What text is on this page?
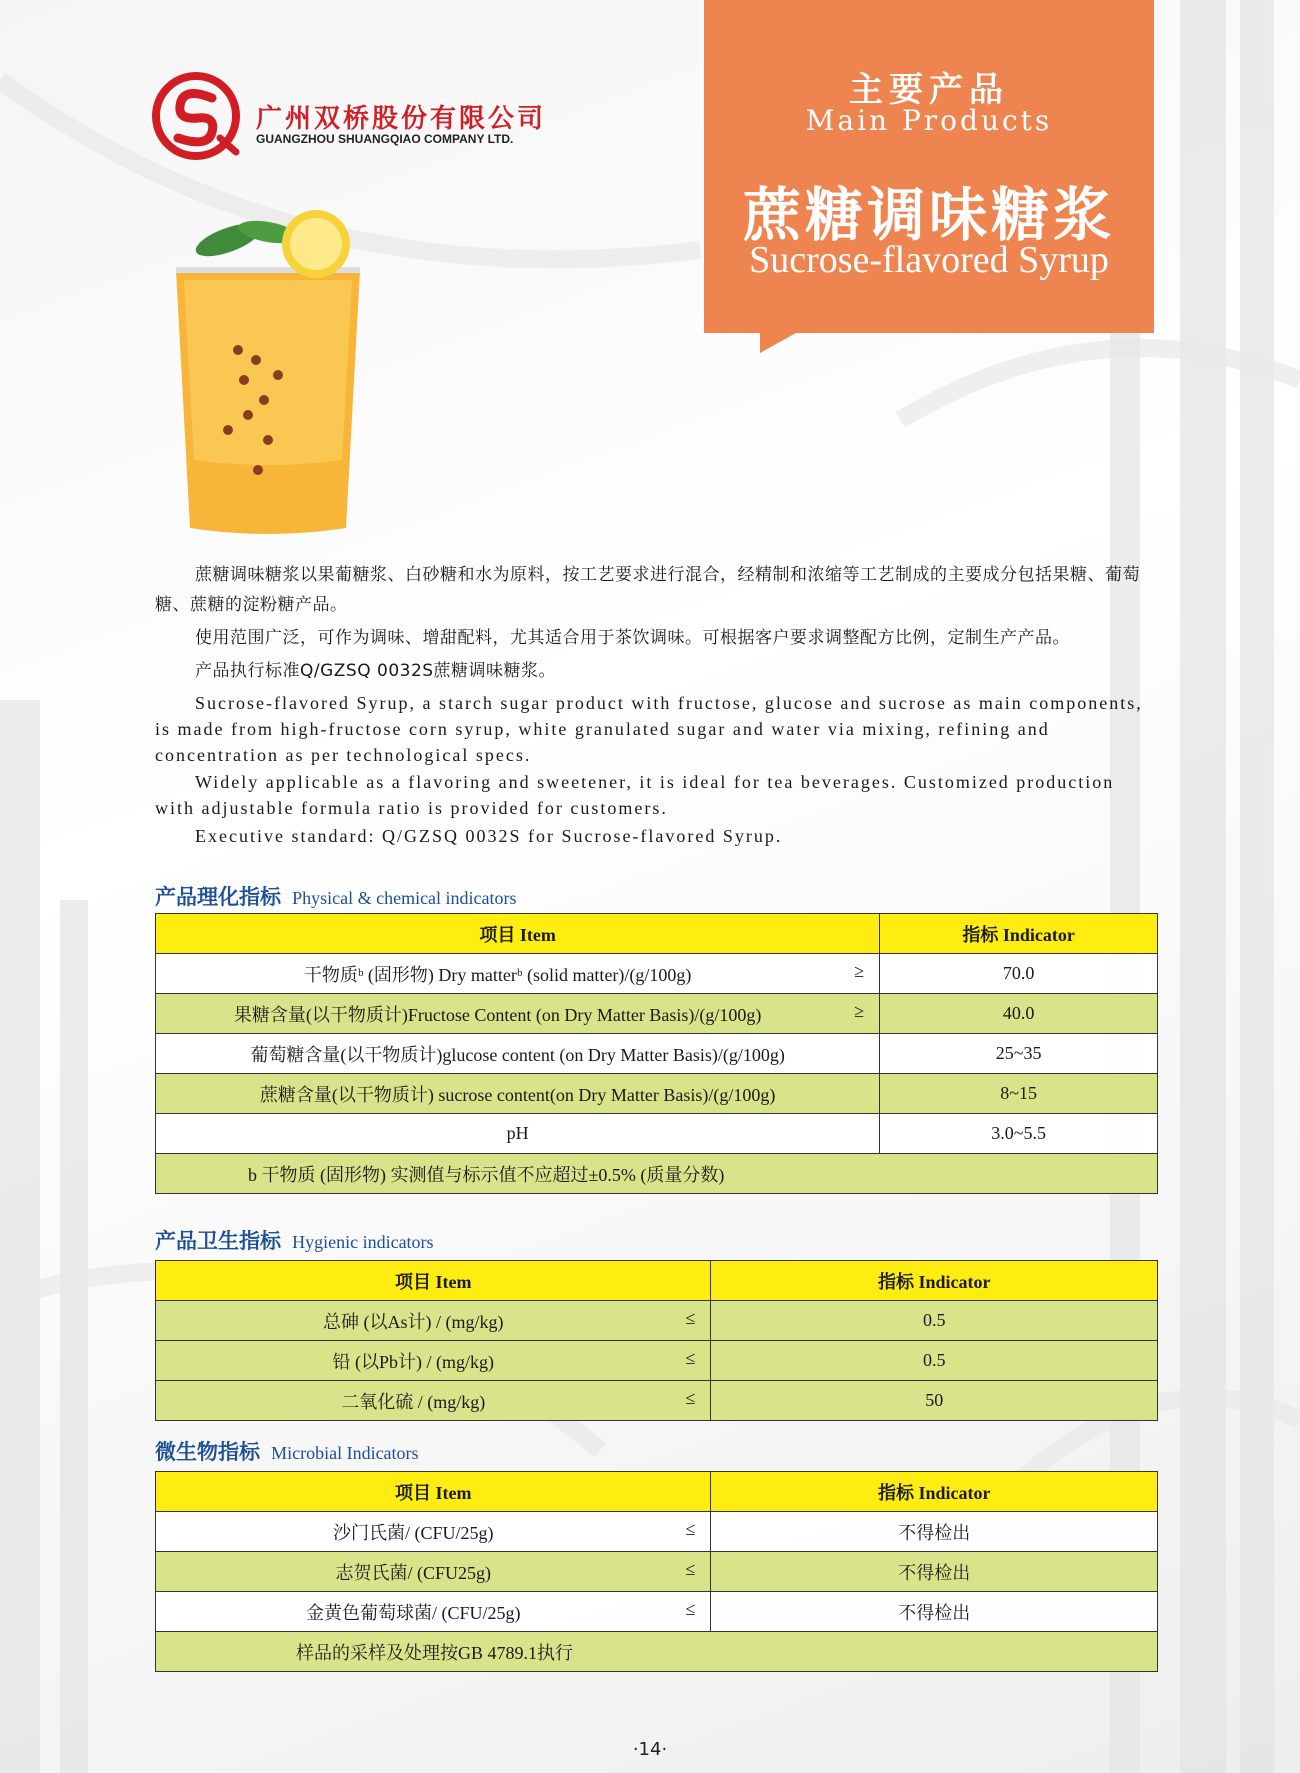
广州双桥股份有限公司
GUANGZHOU SHUANGQIAO COMPANY LTD.
主要产品
Main Products
蔗糖调味糖浆
Sucrose-flavored Syrup
蔗糖调味糖浆以果葡糖浆、白砂糖和水为原料，按工艺要求进行混合，经精制和浓缩等工艺制成的主要成分包括果糖、葡萄糖、蔗糖的淀粉糖产品。
使用范围广泛，可作为调味、增甜配料，尤其适合用于茶饮调味。可根据客户要求调整配方比例，定制生产产品。
产品执行标准Q/GZSQ 0032S蔗糖调味糖浆。
Sucrose-flavored Syrup, a starch sugar product with fructose, glucose and sucrose as main components, is made from high-fructose corn syrup, white granulated sugar and water via mixing, refining and concentration as per technological specs.
Widely applicable as a flavoring and sweetener, it is ideal for tea beverages. Customized production with adjustable formula ratio is provided for customers.
Executive standard: Q/GZSQ 0032S for Sucrose-flavored Syrup.
产品理化指标 Physical & chemical indicators
项目 Item	指标 Indicator
干物质ᵇ (固形物) Dry matterᵇ (solid matter)/(g/100g) ≥	70.0
果糖含量(以干物质计)Fructose Content (on Dry Matter Basis)/(g/100g) ≥	40.0
葡萄糖含量(以干物质计)glucose content (on Dry Matter Basis)/(g/100g)	25~35
蔗糖含量(以干物质计) sucrose content(on Dry Matter Basis)/(g/100g)	8~15
pH	3.0~5.5
b 干物质 (固形物) 实测值与标示值不应超过±0.5% (质量分数)	
产品卫生指标 Hygienic indicators
项目 Item	指标 Indicator
总砷 (以As计) / (mg/kg) ≤	0.5
铅 (以Pb计) / (mg/kg) ≤	0.5
二氧化硫 / (mg/kg) ≤	50
微生物指标 Microbial Indicators
项目 Item	指标 Indicator
沙门氏菌/ (CFU/25g) ≤	不得检出
志贺氏菌/ (CFU25g) ≤	不得检出
金黄色葡萄球菌/ (CFU/25g) ≤	不得检出
样品的采样及处理按GB 4789.1执行	
·14·
